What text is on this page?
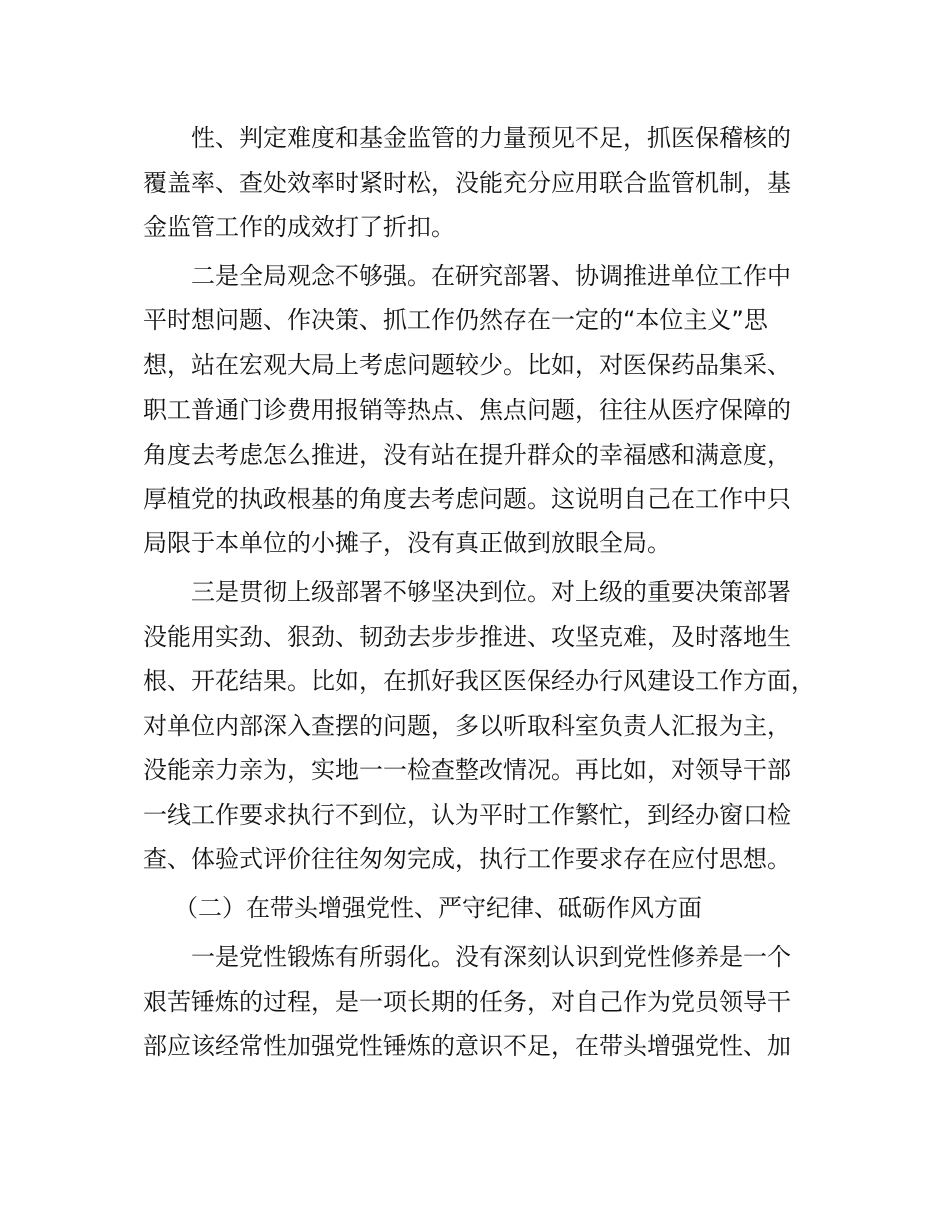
性、判定难度和基金监管的力量预见不足，抓医保稽核的

覆盖率、查处效率时紧时松，没能充分应用联合监管机制，基

金监管工作的成效打了折扣。

二是全局观念不够强。在研究部署、协调推进单位工作中

平时想问题、作决策、抓工作仍然存在一定的“本位主义”思

想，站在宏观大局上考虑问题较少。比如，对医保药品集采、

职工普通门诊费用报销等热点、焦点问题，往往从医疗保障的

角度去考虑怎么推进，没有站在提升群众的幸福感和满意度，

厚植党的执政根基的角度去考虑问题。这说明自己在工作中只

局限于本单位的小摊子，没有真正做到放眼全局。

三是贯彻上级部署不够坚决到位。对上级的重要决策部署

没能用实劲、狠劲、韧劲去步步推进、攻坚克难，及时落地生

根、开花结果。比如，在抓好我区医保经办行风建设工作方面，

对单位内部深入查摆的问题，多以听取科室负责人汇报为主，

没能亲力亲为，实地一一检查整改情况。再比如，对领导干部

一线工作要求执行不到位，认为平时工作繁忙，到经办窗口检

查、体验式评价往往匆匆完成，执行工作要求存在应付思想。

（二）在带头增强党性、严守纪律、砥砺作风方面

一是党性锻炼有所弱化。没有深刻认识到党性修养是一个

艰苦锤炼的过程，是一项长期的任务，对自己作为党员领导干

部应该经常性加强党性锤炼的意识不足，在带头增强党性、加
